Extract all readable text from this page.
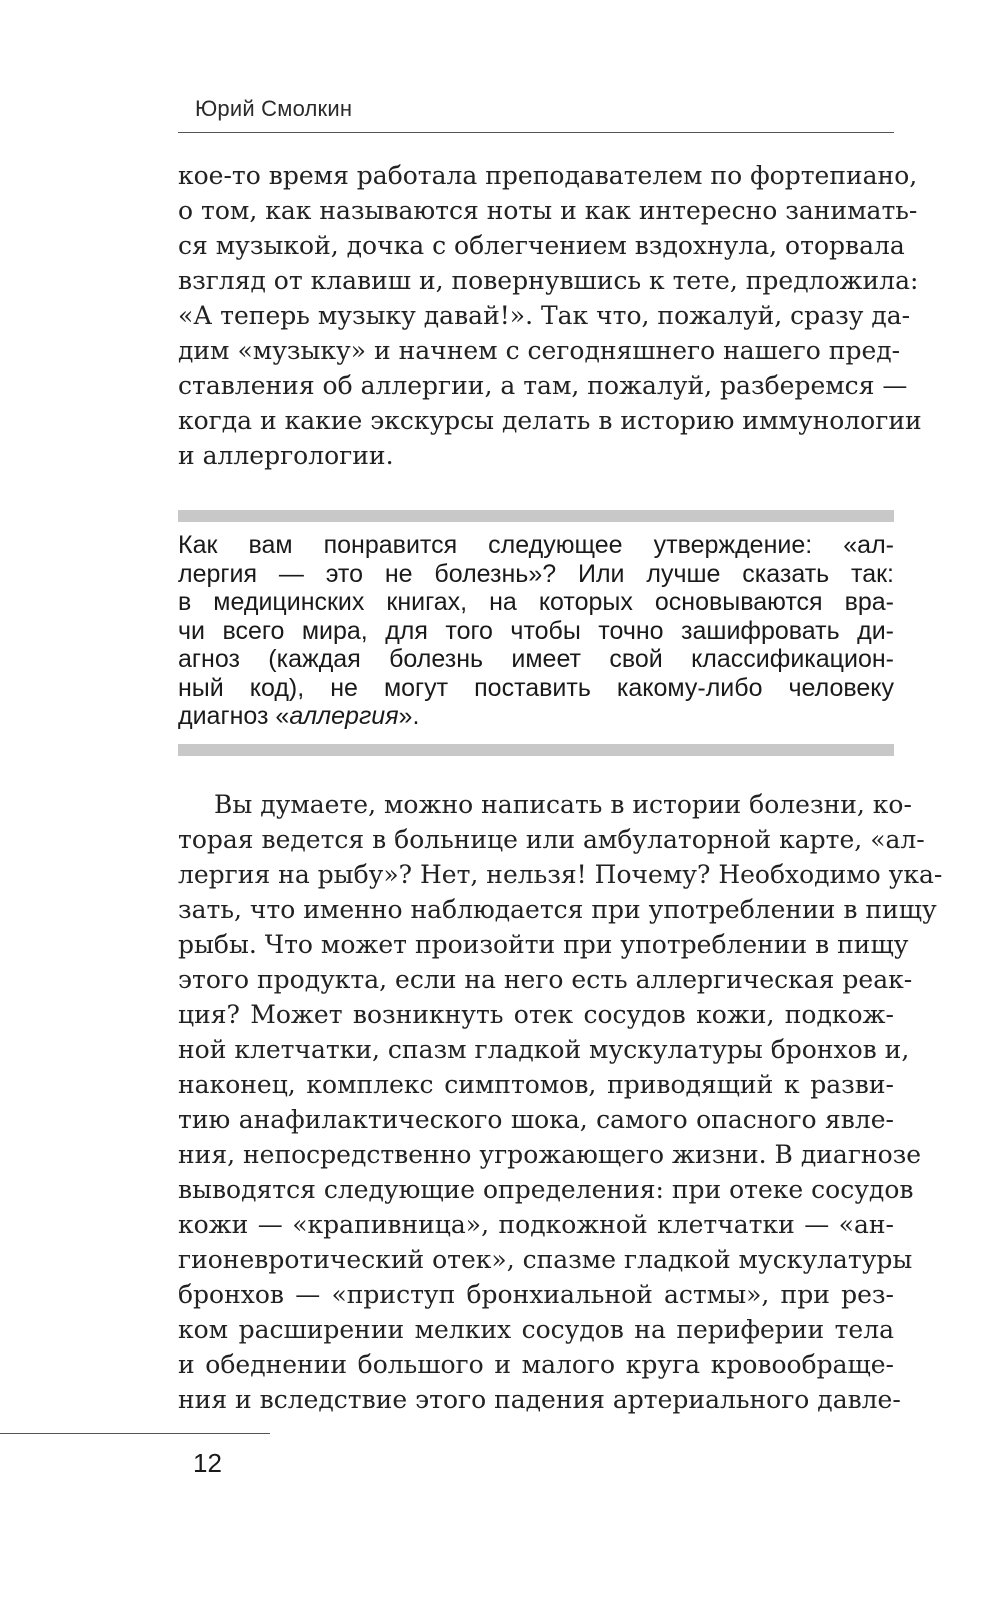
Юрий Смолкин
кое-то время работала преподавателем по фортепиано,
о том, как называются ноты и как интересно занимать-
ся музыкой, дочка с облегчением вздохнула, оторвала
взгляд от клавиш и, повернувшись к тете, предложила:
«А теперь музыку давай!». Так что, пожалуй, сразу да-
дим «музыку» и начнем с сегодняшнего нашего пред-
ставления об аллергии, а там, пожалуй, разберемся —
когда и какие экскурсы делать в историю иммунологии
и аллергологии.
Как вам понравится следующее утверждение: «ал-
лергия — это не болезнь»? Или лучше сказать так:
в медицинских книгах, на которых основываются вра-
чи всего мира, для того чтобы точно зашифровать ди-
агноз (каждая болезнь имеет свой классификацион-
ный код), не могут поставить какому-либо человеку
диагноз «аллергия».
Вы думаете, можно написать в истории болезни, ко-
торая ведется в больнице или амбулаторной карте, «ал-
лергия на рыбу»? Нет, нельзя! Почему? Необходимо ука-
зать, что именно наблюдается при употреблении в пищу
рыбы. Что может произойти при употреблении в пищу
этого продукта, если на него есть аллергическая реак-
ция? Может возникнуть отек сосудов кожи, подкож-
ной клетчатки, спазм гладкой мускулатуры бронхов и,
наконец, комплекс симптомов, приводящий к разви-
тию анафилактического шока, самого опасного явле-
ния, непосредственно угрожающего жизни. В диагнозе
выводятся следующие определения: при отеке сосудов
кожи — «крапивница», подкожной клетчатки — «ан-
гионевротический отек», спазме гладкой мускулатуры
бронхов — «приступ бронхиальной астмы», при рез-
ком расширении мелких сосудов на периферии тела
и обеднении большого и малого круга кровообраще-
ния и вследствие этого падения артериального давле-
12
